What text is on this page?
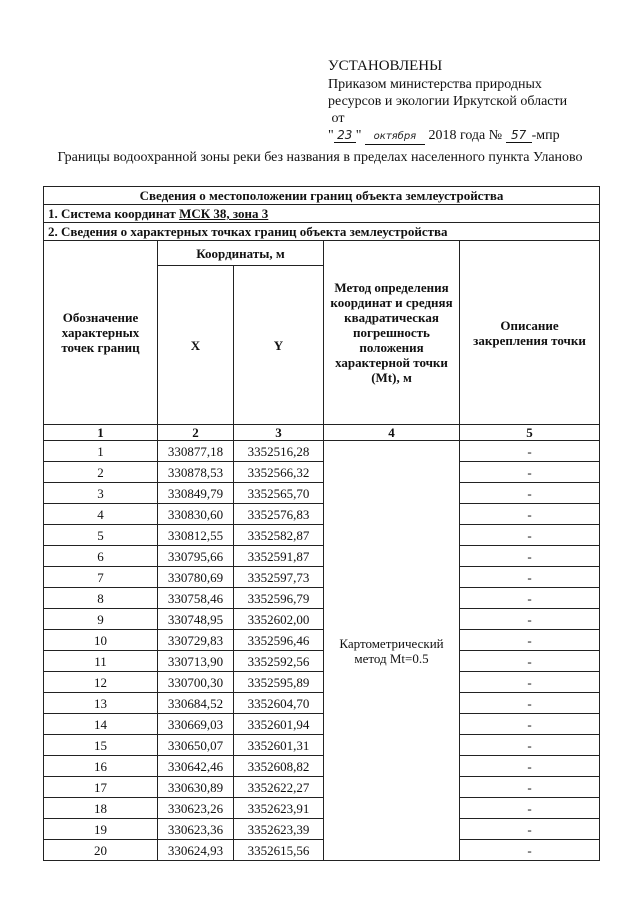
УСТАНОВЛЕНЫ
Приказом министерства природных
ресурсов и экологии Иркутской области
от
" 23 " октября 2018 года № 57 -мпр
Границы водоохранной зоны реки без названия в пределах населенного пункта Уланово
Сведения о местоположении границ объекта землеустройства				
1. Система координат МСК 38, зона 3				
2. Сведения о характерных точках границ объекта землеустройства				
Обозначение характерных точек границ	Координаты, м		Метод определения координат и средняя квадратическая погрешность положения характерной точки (Mt), м	Описание закрепления точки
	X	Y		
1	2	3	4	5
1	330877,18	3352516,28	Картометрический метод Mt=0.5	-
2	330878,53	3352566,32		-
3	330849,79	3352565,70		-
4	330830,60	3352576,83		-
5	330812,55	3352582,87		-
6	330795,66	3352591,87		-
7	330780,69	3352597,73		-
8	330758,46	3352596,79		-
9	330748,95	3352602,00		-
10	330729,83	3352596,46		-
11	330713,90	3352592,56		-
12	330700,30	3352595,89		-
13	330684,52	3352604,70		-
14	330669,03	3352601,94		-
15	330650,07	3352601,31		-
16	330642,46	3352608,82		-
17	330630,89	3352622,27		-
18	330623,26	3352623,91		-
19	330623,36	3352623,39		-
20	330624,93	3352615,56		-
